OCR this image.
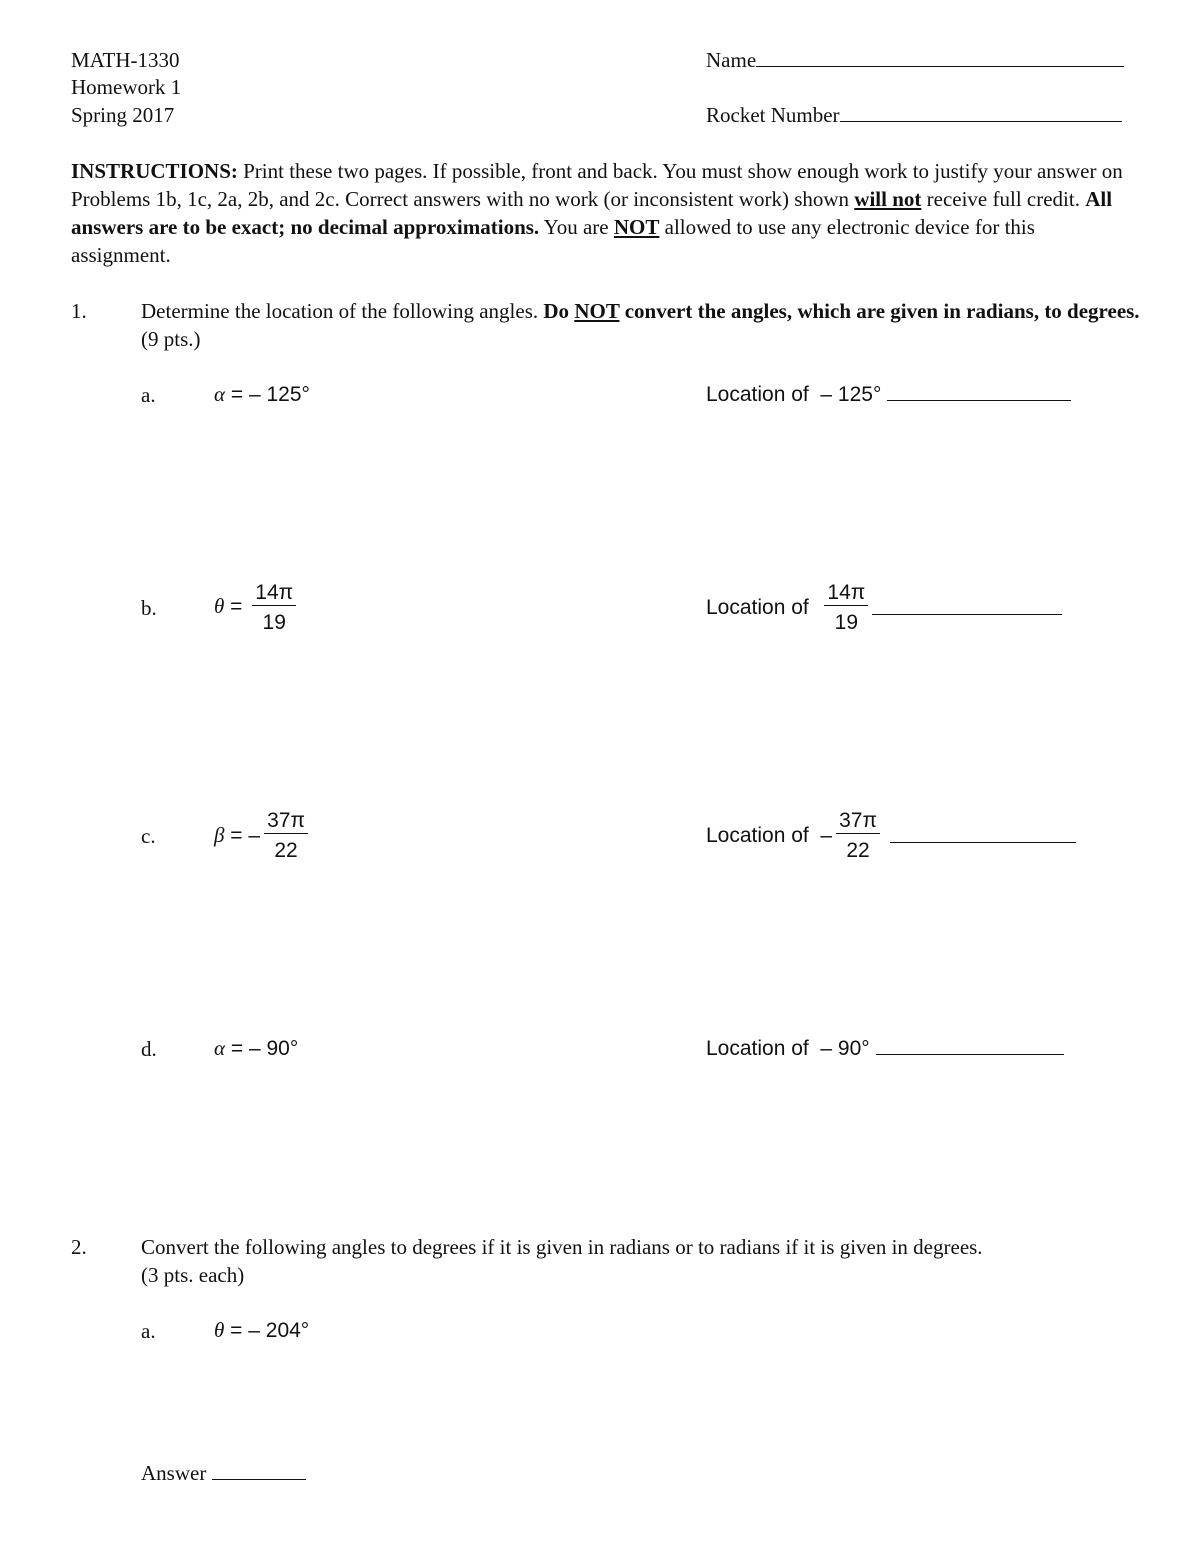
MATH-1330
Homework 1
Spring 2017
Name
Rocket Number
INSTRUCTIONS: Print these two pages. If possible, front and back. You must show enough work to justify your answer on Problems 1b, 1c, 2a, 2b, and 2c. Correct answers with no work (or inconsistent work) shown will not receive full credit. All answers are to be exact; no decimal approximations. You are NOT allowed to use any electronic device for this assignment.
1.	Determine the location of the following angles. Do NOT convert the angles, which are given in radians, to degrees. (9 pts.)
a.	α = – 125°	Location of – 125°
b.	$\theta = \frac{14\pi}{19}$	Location of $\frac{14\pi}{19}$
c.	β = – $\frac{37\pi}{22}$	Location of – $\frac{37\pi}{22}$

d.	α = – 90°	Location of – 90°
2.	Convert the following angles to degrees if it is given in radians or to radians if it is given in degrees.
(3 pts. each)
a.	θ = – 204°
Answer
